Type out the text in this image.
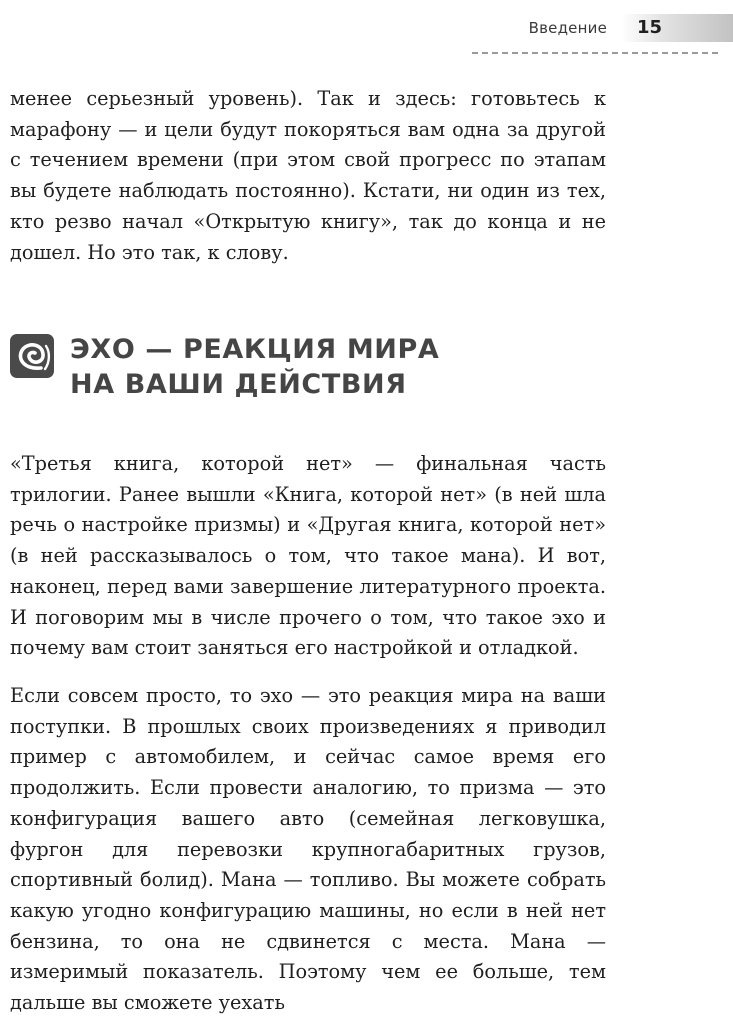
Введение 15

менее серьезный уровень). Так и здесь: готовьтесь к марафону — и цели будут покоряться вам одна за другой с течением времени (при этом свой прогресс по этапам вы будете наблюдать постоянно). Кстати, ни один из тех, кто резво начал «Открытую книгу», так до конца и не дошел. Но это так, к слову.

ЭХО — РЕАКЦИЯ МИРА
НА ВАШИ ДЕЙСТВИЯ

«Третья книга, которой нет» — финальная часть трилогии. Ранее вышли «Книга, которой нет» (в ней шла речь о настройке призмы) и «Другая книга, которой нет» (в ней рассказывалось о том, что такое мана). И вот, наконец, перед вами завершение литературного проекта. И поговорим мы в числе прочего о том, что такое эхо и почему вам стоит заняться его настройкой и отладкой.

Если совсем просто, то эхо — это реакция мира на ваши поступки. В прошлых своих произведениях я приводил пример с автомобилем, и сейчас самое время его продолжить. Если провести аналогию, то призма — это конфигурация вашего авто (семейная легковушка, фургон для перевозки крупногабаритных грузов, спортивный болид). Мана — топливо. Вы можете собрать какую угодно конфигурацию машины, но если в ней нет бензина, то она не сдвинется с места. Мана — измеримый показатель. Поэтому чем ее больше, тем дальше вы сможете уехать
